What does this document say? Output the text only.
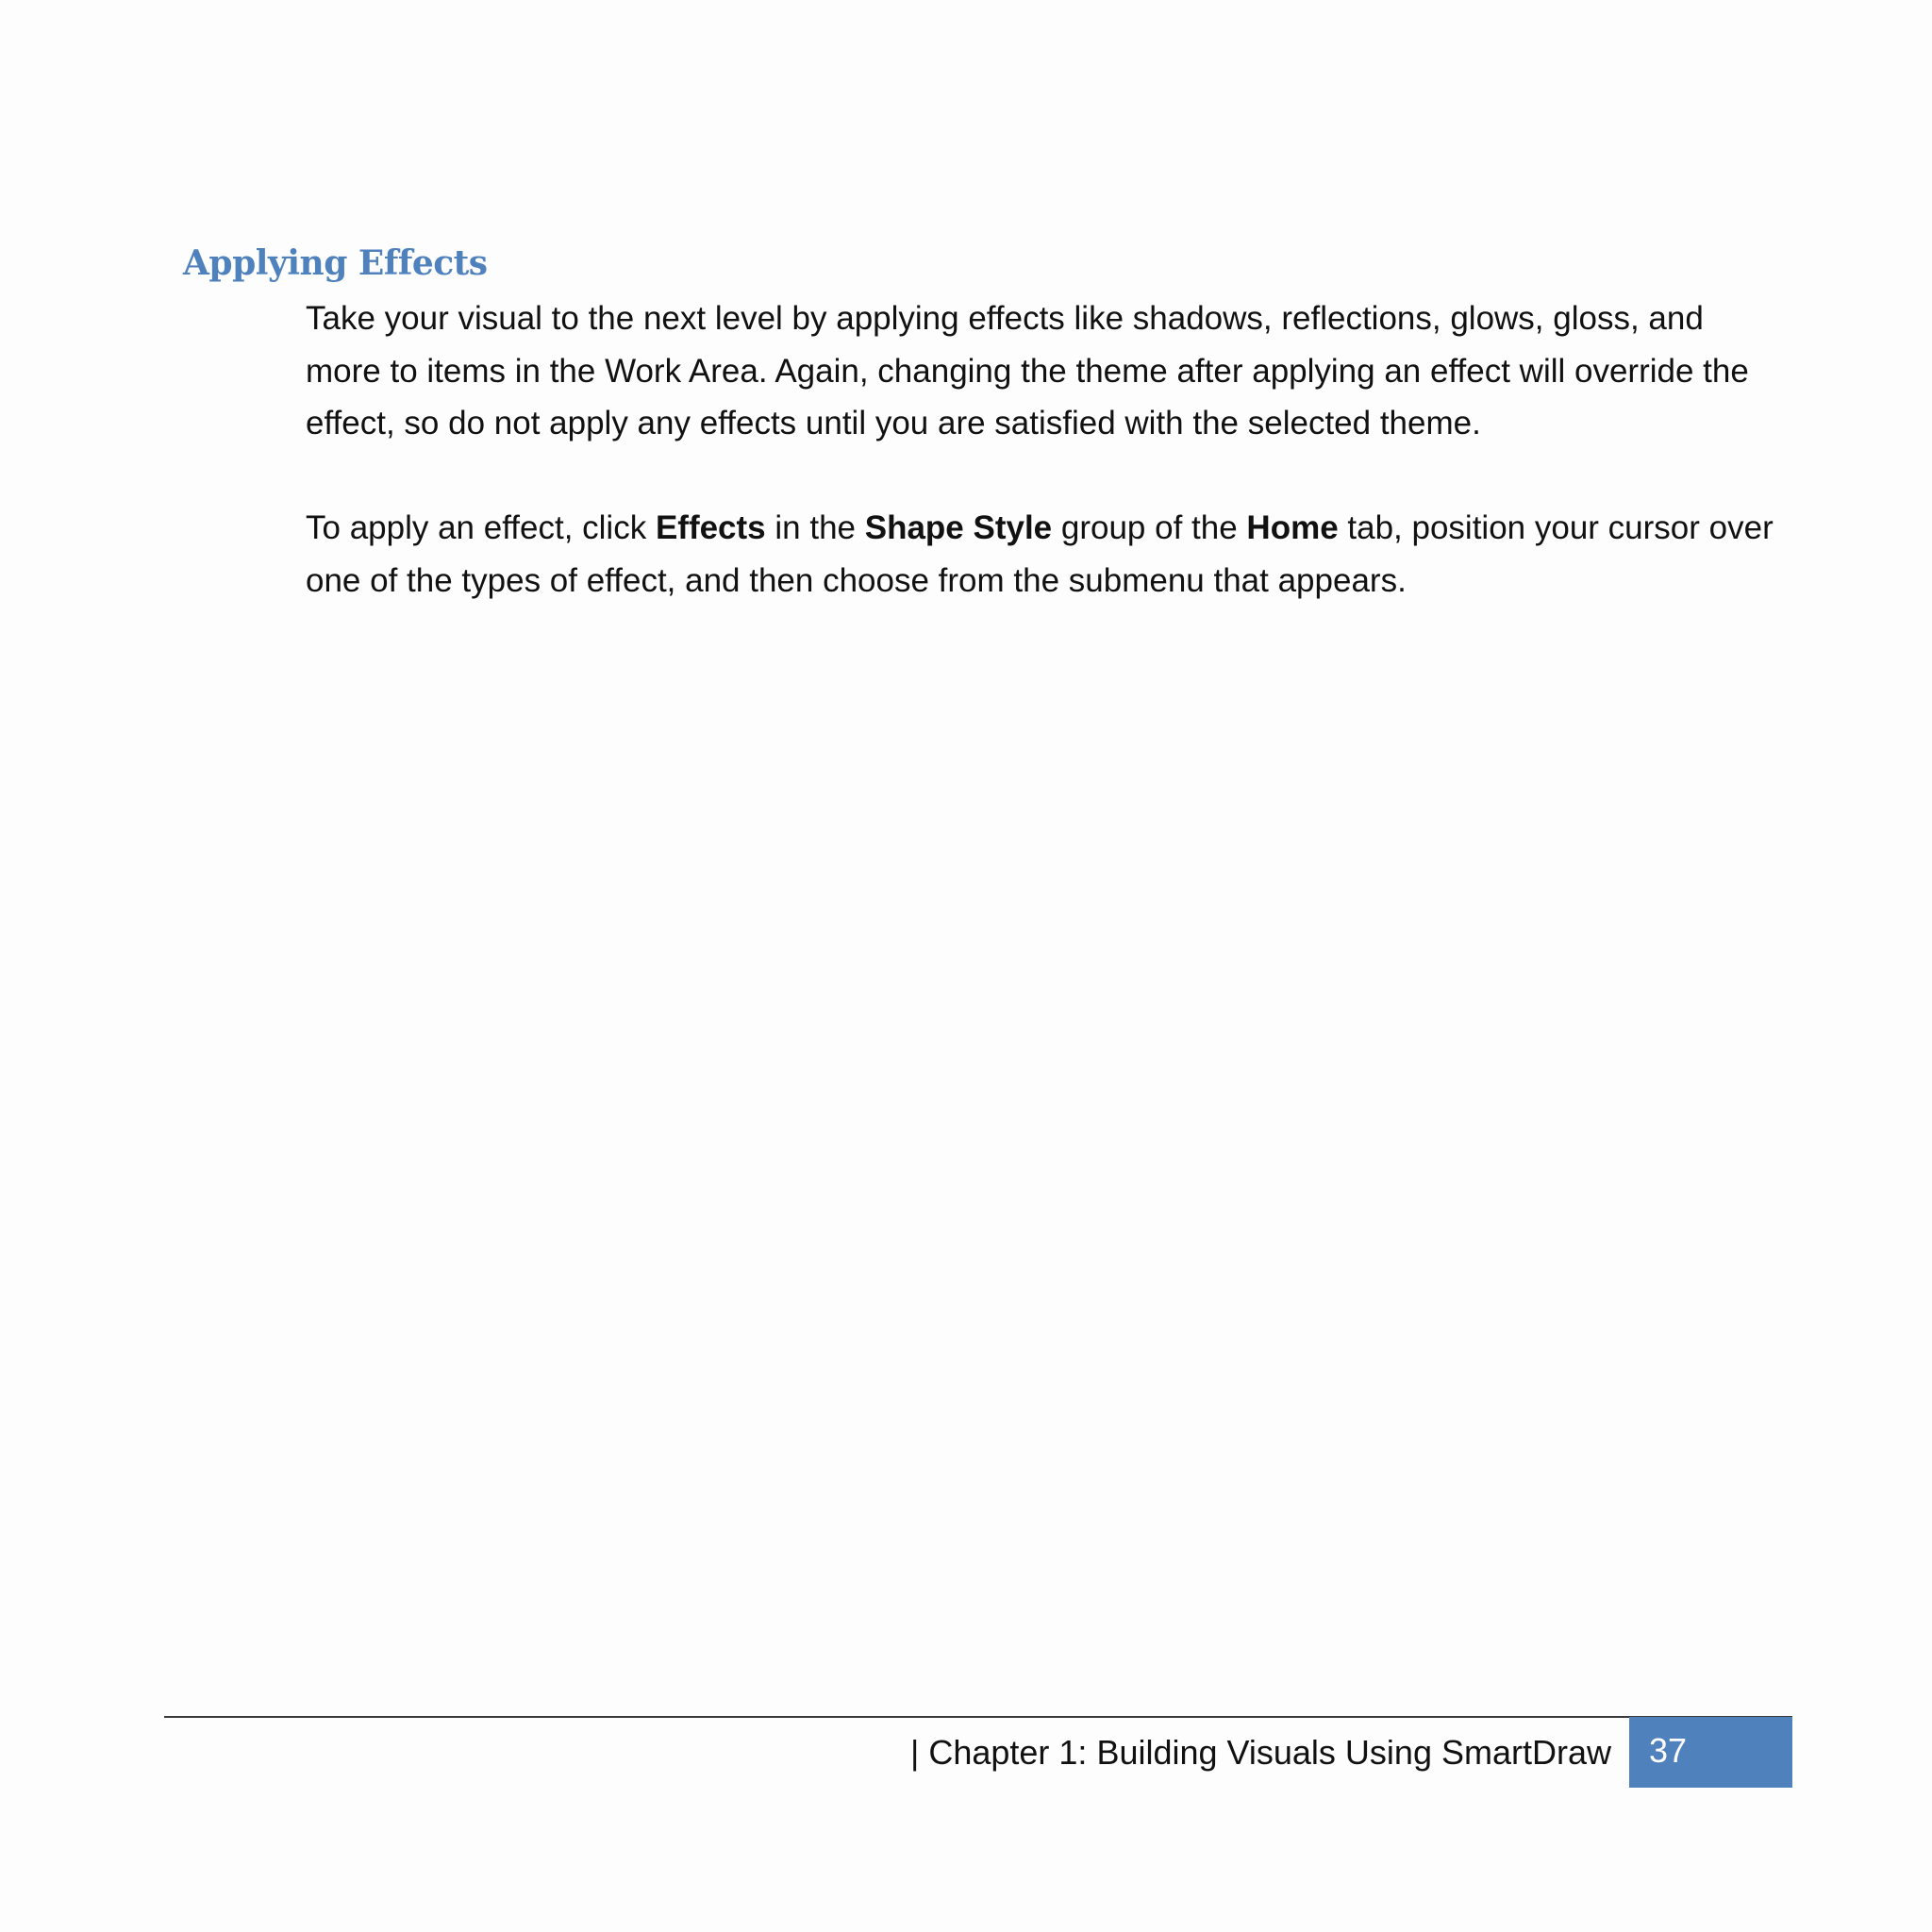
Applying Effects

Take your visual to the next level by applying effects like shadows, reflections, glows, gloss, and more to items in the Work Area. Again, changing the theme after applying an effect will override the effect, so do not apply any effects until you are satisfied with the selected theme.

To apply an effect, click Effects in the Shape Style group of the Home tab, position your cursor over one of the types of effect, and then choose from the submenu that appears.

| Chapter 1: Building Visuals Using SmartDraw	37
